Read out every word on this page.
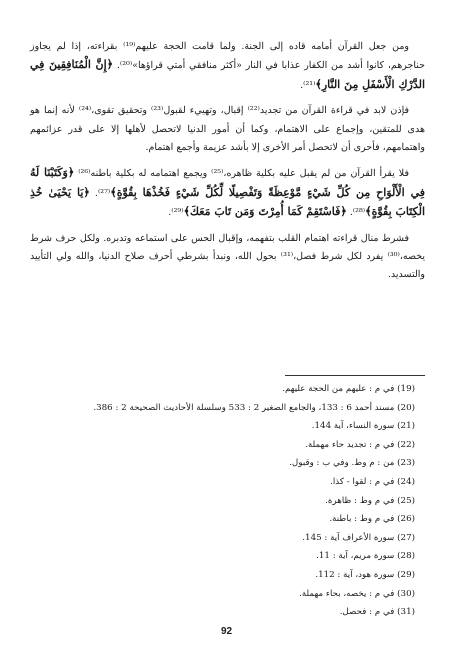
ومن جعل القرآن أمامه قاده إلى الجنة. ولما قامت الحجة عليهم⁽¹⁹⁾ بقراءته، إذا لم يجاوز حناجرهم، كانوا أشد من الكفار عذابا في النار «أكثر منافقي أمتي قراؤها»⁽²⁰⁾. ﴿إِنَّ الْمُنَافِقِينَ فِي الدَّرْكِ الْأَسْفَلِ مِنَ النَّارِ﴾⁽²¹⁾.

فإذن لابد في قراءة القرآن من تجديد⁽²²⁾ إقبال، وتهييء لقبول⁽²³⁾ وتحقيق تقوى،⁽²⁴⁾ لأنه إنما هو هدى للمتقين، وإجماع على الاهتمام، وكما أن أمور الدنيا لاتحصل لأهلها إلا على قدر عزائمهم واهتمامهم، فأحرى أن لاتحصل أمر الأخرى إلا بأشد عزيمة وأجمع اهتمام.

فلا يقرأ القرآن من لم يقبل عليه بكلية ظاهره،⁽²⁵⁾ ويجمع اهتمامه له بكلية باطنه⁽²⁶⁾ ﴿وَكَتَبْنَا لَهُ فِي الْأَلْوَاحِ مِن كُلِّ شَيْءٍ مَّوْعِظَةً وَتَفْصِيلًا لِّكُلِّ شَيْءٍ فَخُذْهَا بِقُوَّةٍ﴾⁽²⁷⁾. ﴿يَا يَحْيَىٰ خُذِ الْكِتَابَ بِقُوَّةٍ﴾⁽²⁸⁾. ﴿فَاسْتَقِمْ كَمَا أُمِرْتَ وَمَن تَابَ مَعَكَ﴾⁽²⁹⁾.

فشرط منال قراءته اهتمام القلب بتفهمه، وإقبال الحس على استماعه وتدبره. ولكل حرف شرط يخصه،⁽³⁰⁾ يفرد لكل شرط فصل،⁽³¹⁾ بحول الله، ونبدأ بشرطي أحرف صلاح الدنيا، والله ولي التأييد والتسديد.

(19) في م : عليهم من الحجة عليهم.
(20) مسند أحمد 6 : 133، والجامع الصغير 2 : 533 وسلسلة الأحاديث الصحيحة 2 : 386.
(21) سورة النساء، آية 144.
(22) في م : تجديد حاء مهملة.
(23) من : م وط. وفي ب : وقبول.
(24) في م : لقوا - كذا.
(25) في م وط : ظاهرة.
(26) في م وط : باطنة.
(27) سورة الأعراف آية : 145.
(28) سورة مريم، آية : 11.
(29) سورة هود، آية : 112.
(30) في م : يخصه، بحاء مهملة.
(31) في م : فحصل.
92
